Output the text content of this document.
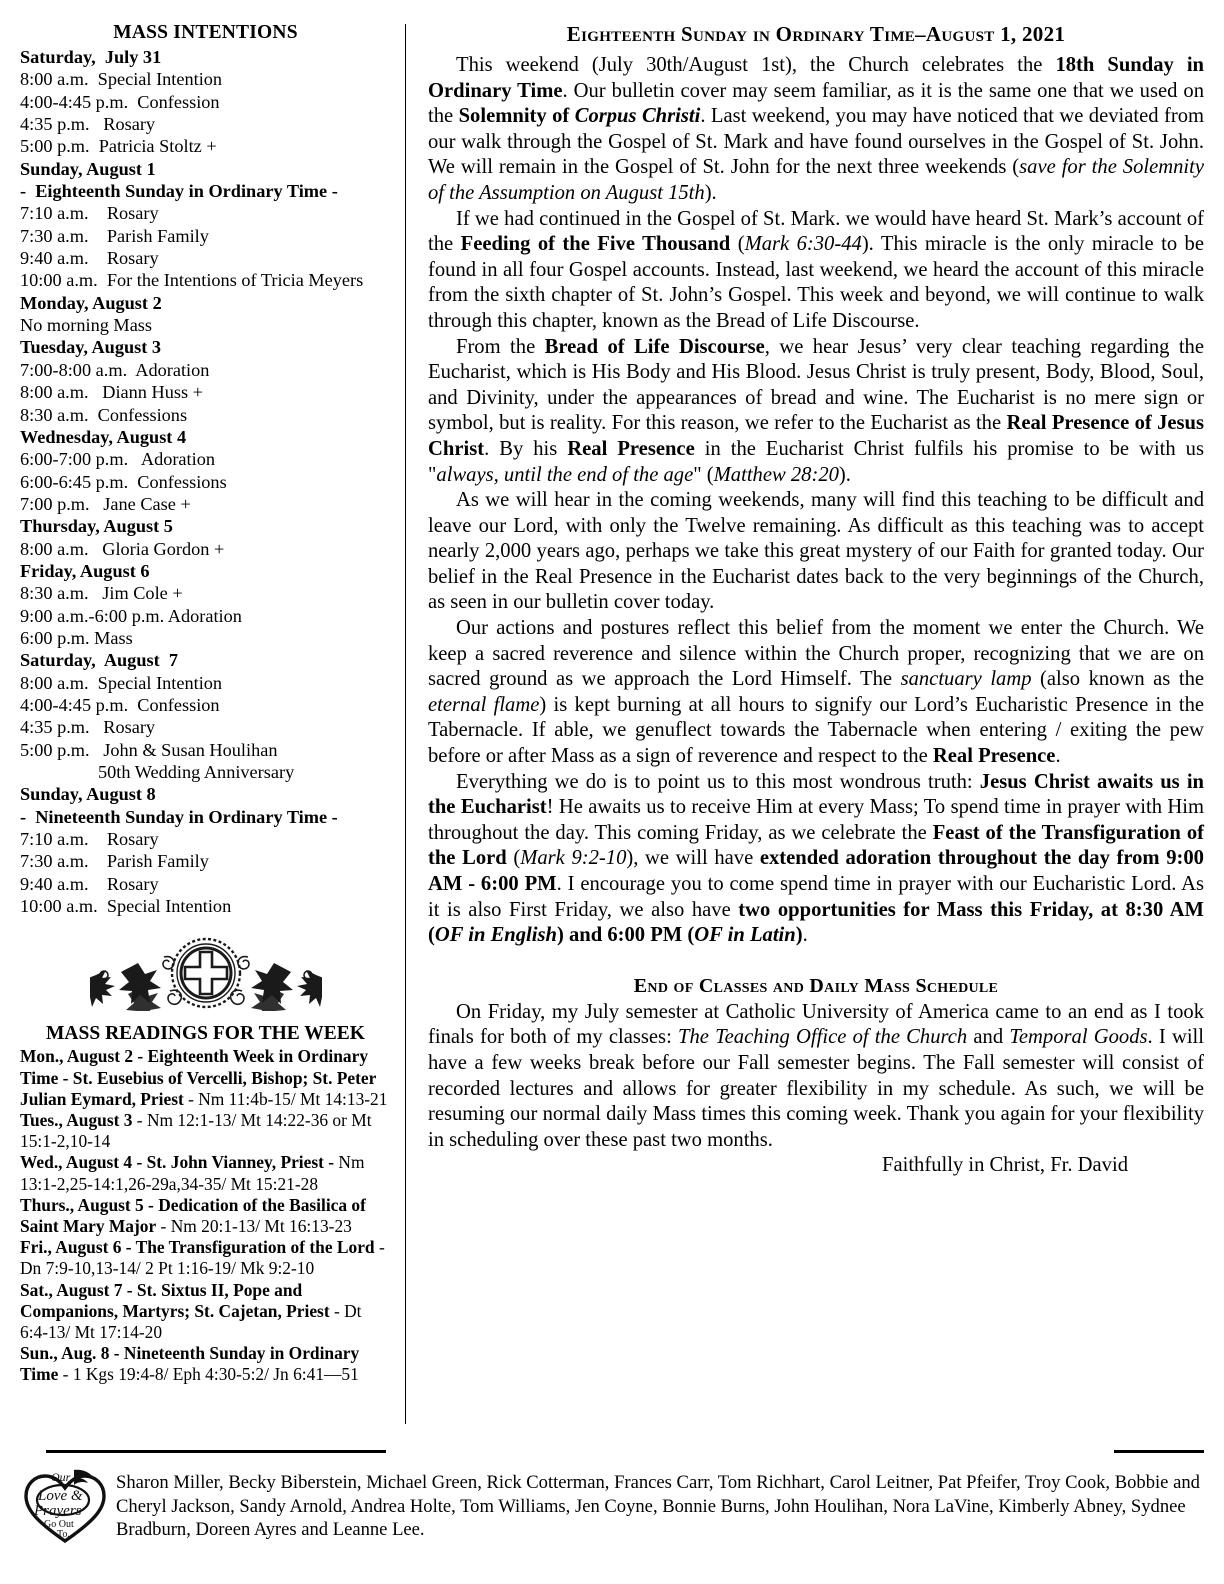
MASS INTENTIONS
Saturday,  July 31
8:00 a.m.  Special Intention
4:00-4:45 p.m.  Confession
4:35 p.m.   Rosary
5:00 p.m.  Patricia Stoltz +
Sunday, August 1
-  Eighteenth Sunday in Ordinary Time -
7:10 a.m.    Rosary
7:30 a.m.    Parish Family
9:40 a.m.    Rosary
10:00 a.m.  For the Intentions of Tricia Meyers
Monday, August 2
No morning Mass
Tuesday, August 3
7:00-8:00 a.m.  Adoration
8:00 a.m.   Diann Huss +
8:30 a.m.  Confessions
Wednesday, August 4
6:00-7:00 p.m.   Adoration
6:00-6:45 p.m.  Confessions
7:00 p.m.   Jane Case +
Thursday, August 5
8:00 a.m.   Gloria Gordon +
Friday, August 6
8:30 a.m.   Jim Cole +
9:00 a.m.-6:00 p.m. Adoration
6:00 p.m. Mass
Saturday,  August  7
8:00 a.m.  Special Intention
4:00-4:45 p.m.  Confession
4:35 p.m.   Rosary
5:00 p.m.   John & Susan Houlihan
50th Wedding Anniversary
Sunday, August 8
-  Nineteenth Sunday in Ordinary Time -
7:10 a.m.    Rosary
7:30 a.m.    Parish Family
9:40 a.m.    Rosary
10:00 a.m.  Special Intention
MASS READINGS FOR THE WEEK

Mon., August 2 - Eighteenth Week in Ordinary Time - St. Eusebius of Vercelli, Bishop; St. Peter Julian Eymard, Priest - Nm 11:4b-15/ Mt 14:13-21

Tues., August 3 - Nm 12:1-13/ Mt 14:22-36 or Mt 15:1-2,10-14

Wed., August 4 - St. John Vianney, Priest - Nm 13:1-2,25-14:1,26-29a,34-35/ Mt 15:21-28

Thurs., August 5 - Dedication of the Basilica of Saint Mary Major - Nm 20:1-13/ Mt 16:13-23

Fri., August 6 - The Transfiguration of the Lord - Dn 7:9-10,13-14/ 2 Pt 1:16-19/ Mk 9:2-10

Sat., August 7 - St. Sixtus II, Pope and Companions, Martyrs; St. Cajetan, Priest - Dt 6:4-13/ Mt 17:14-20

Sun., Aug. 8 - Nineteenth Sunday in Ordinary Time - 1 Kgs 19:4-8/ Eph 4:30-5:2/ Jn 6:41—51

Eighteenth Sunday in Ordinary Time–August 1, 2021

This weekend (July 30th/August 1st), the Church celebrates the 18th Sunday in Ordinary Time. Our bulletin cover may seem familiar, as it is the same one that we used on the Solemnity of Corpus Christi. Last weekend, you may have noticed that we deviated from our walk through the Gospel of St. Mark and have found ourselves in the Gospel of St. John. We will remain in the Gospel of St. John for the next three weekends (save for the Solemnity of the Assumption on August 15th).

If we had continued in the Gospel of St. Mark. we would have heard St. Mark’s account of the Feeding of the Five Thousand (Mark 6:30-44). This miracle is the only miracle to be found in all four Gospel accounts. Instead, last weekend, we heard the account of this miracle from the sixth chapter of St. John’s Gospel. This week and beyond, we will continue to walk through this chapter, known as the Bread of Life Discourse.

From the Bread of Life Discourse, we hear Jesus’ very clear teaching regarding the Eucharist, which is His Body and His Blood. Jesus Christ is truly present, Body, Blood, Soul, and Divinity, under the appearances of bread and wine. The Eucharist is no mere sign or symbol, but is reality. For this reason, we refer to the Eucharist as the Real Presence of Jesus Christ. By his Real Presence in the Eucharist Christ fulfils his promise to be with us "always, until the end of the age" (Matthew 28:20).

As we will hear in the coming weekends, many will find this teaching to be difficult and leave our Lord, with only the Twelve remaining. As difficult as this teaching was to accept nearly 2,000 years ago, perhaps we take this great mystery of our Faith for granted today. Our belief in the Real Presence in the Eucharist dates back to the very beginnings of the Church, as seen in our bulletin cover today.

Our actions and postures reflect this belief from the moment we enter the Church. We keep a sacred reverence and silence within the Church proper, recognizing that we are on sacred ground as we approach the Lord Himself. The sanctuary lamp (also known as the eternal flame) is kept burning at all hours to signify our Lord’s Eucharistic Presence in the Tabernacle. If able, we genuflect towards the Tabernacle when entering / exiting the pew before or after Mass as a sign of reverence and respect to the Real Presence.

Everything we do is to point us to this most wondrous truth: Jesus Christ awaits us in the Eucharist! He awaits us to receive Him at every Mass; To spend time in prayer with Him throughout the day. This coming Friday, as we celebrate the Feast of the Transfiguration of the Lord (Mark 9:2-10), we will have extended adoration throughout the day from 9:00 AM - 6:00 PM. I encourage you to come spend time in prayer with our Eucharistic Lord. As it is also First Friday, we also have two opportunities for Mass this Friday, at 8:30 AM (OF in English) and 6:00 PM (OF in Latin).

End of Classes and Daily Mass Schedule

On Friday, my July semester at Catholic University of America came to an end as I took finals for both of my classes: The Teaching Office of the Church and Temporal Goods. I will have a few weeks break before our Fall semester begins. The Fall semester will consist of recorded lectures and allows for greater flexibility in my schedule. As such, we will be resuming our normal daily Mass times this coming week. Thank you again for your flexibility in scheduling over these past two months.

Faithfully in Christ, Fr. David

Our
Love &
Prayers
Go Out
To...
Sharon Miller, Becky Biberstein, Michael Green, Rick Cotterman, Frances Carr, Tom Richhart, Carol Leitner, Pat Pfeifer, Troy Cook, Bobbie and Cheryl Jackson, Sandy Arnold, Andrea Holte, Tom Williams, Jen Coyne, Bonnie Burns, John Houlihan, Nora LaVine, Kimberly Abney, Sydnee Bradburn, Doreen Ayres and Leanne Lee.
